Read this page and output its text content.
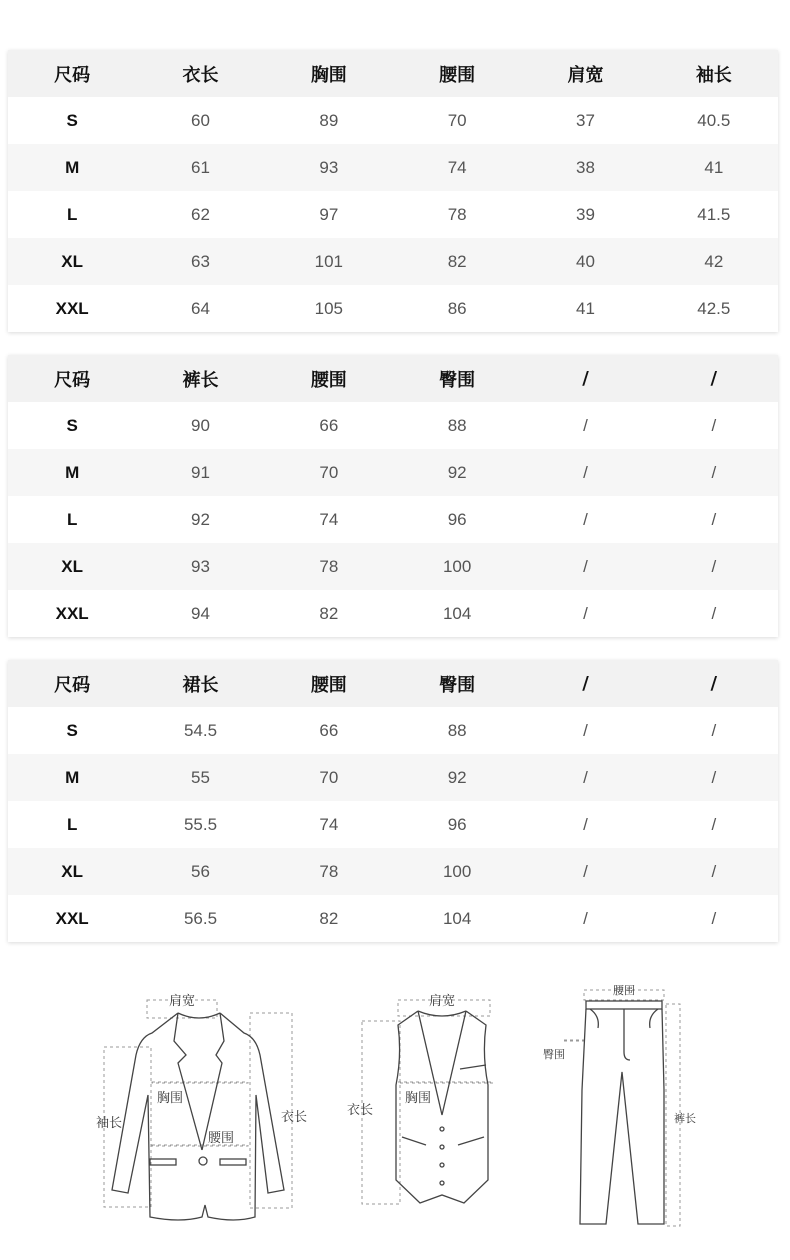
尺码	衣长	胸围	腰围	肩宽	袖长
S	60	89	70	37	40.5
M	61	93	74	38	41
L	62	97	78	39	41.5
XL	63	101	82	40	42
XXL	64	105	86	41	42.5
尺码	裤长	腰围	臀围	/	/
S	90	66	88	/	/
M	91	70	92	/	/
L	92	74	96	/	/
XL	93	78	100	/	/
XXL	94	82	104	/	/
尺码	裙长	腰围	臀围	/	/
S	54.5	66	88	/	/
M	55	70	92	/	/
L	55.5	74	96	/	/
XL	56	78	100	/	/
XXL	56.5	82	104	/	/
肩宽
胸围
腰围
袖长	衣长
肩宽
胸围
衣长
腰围
臀围
裤长
